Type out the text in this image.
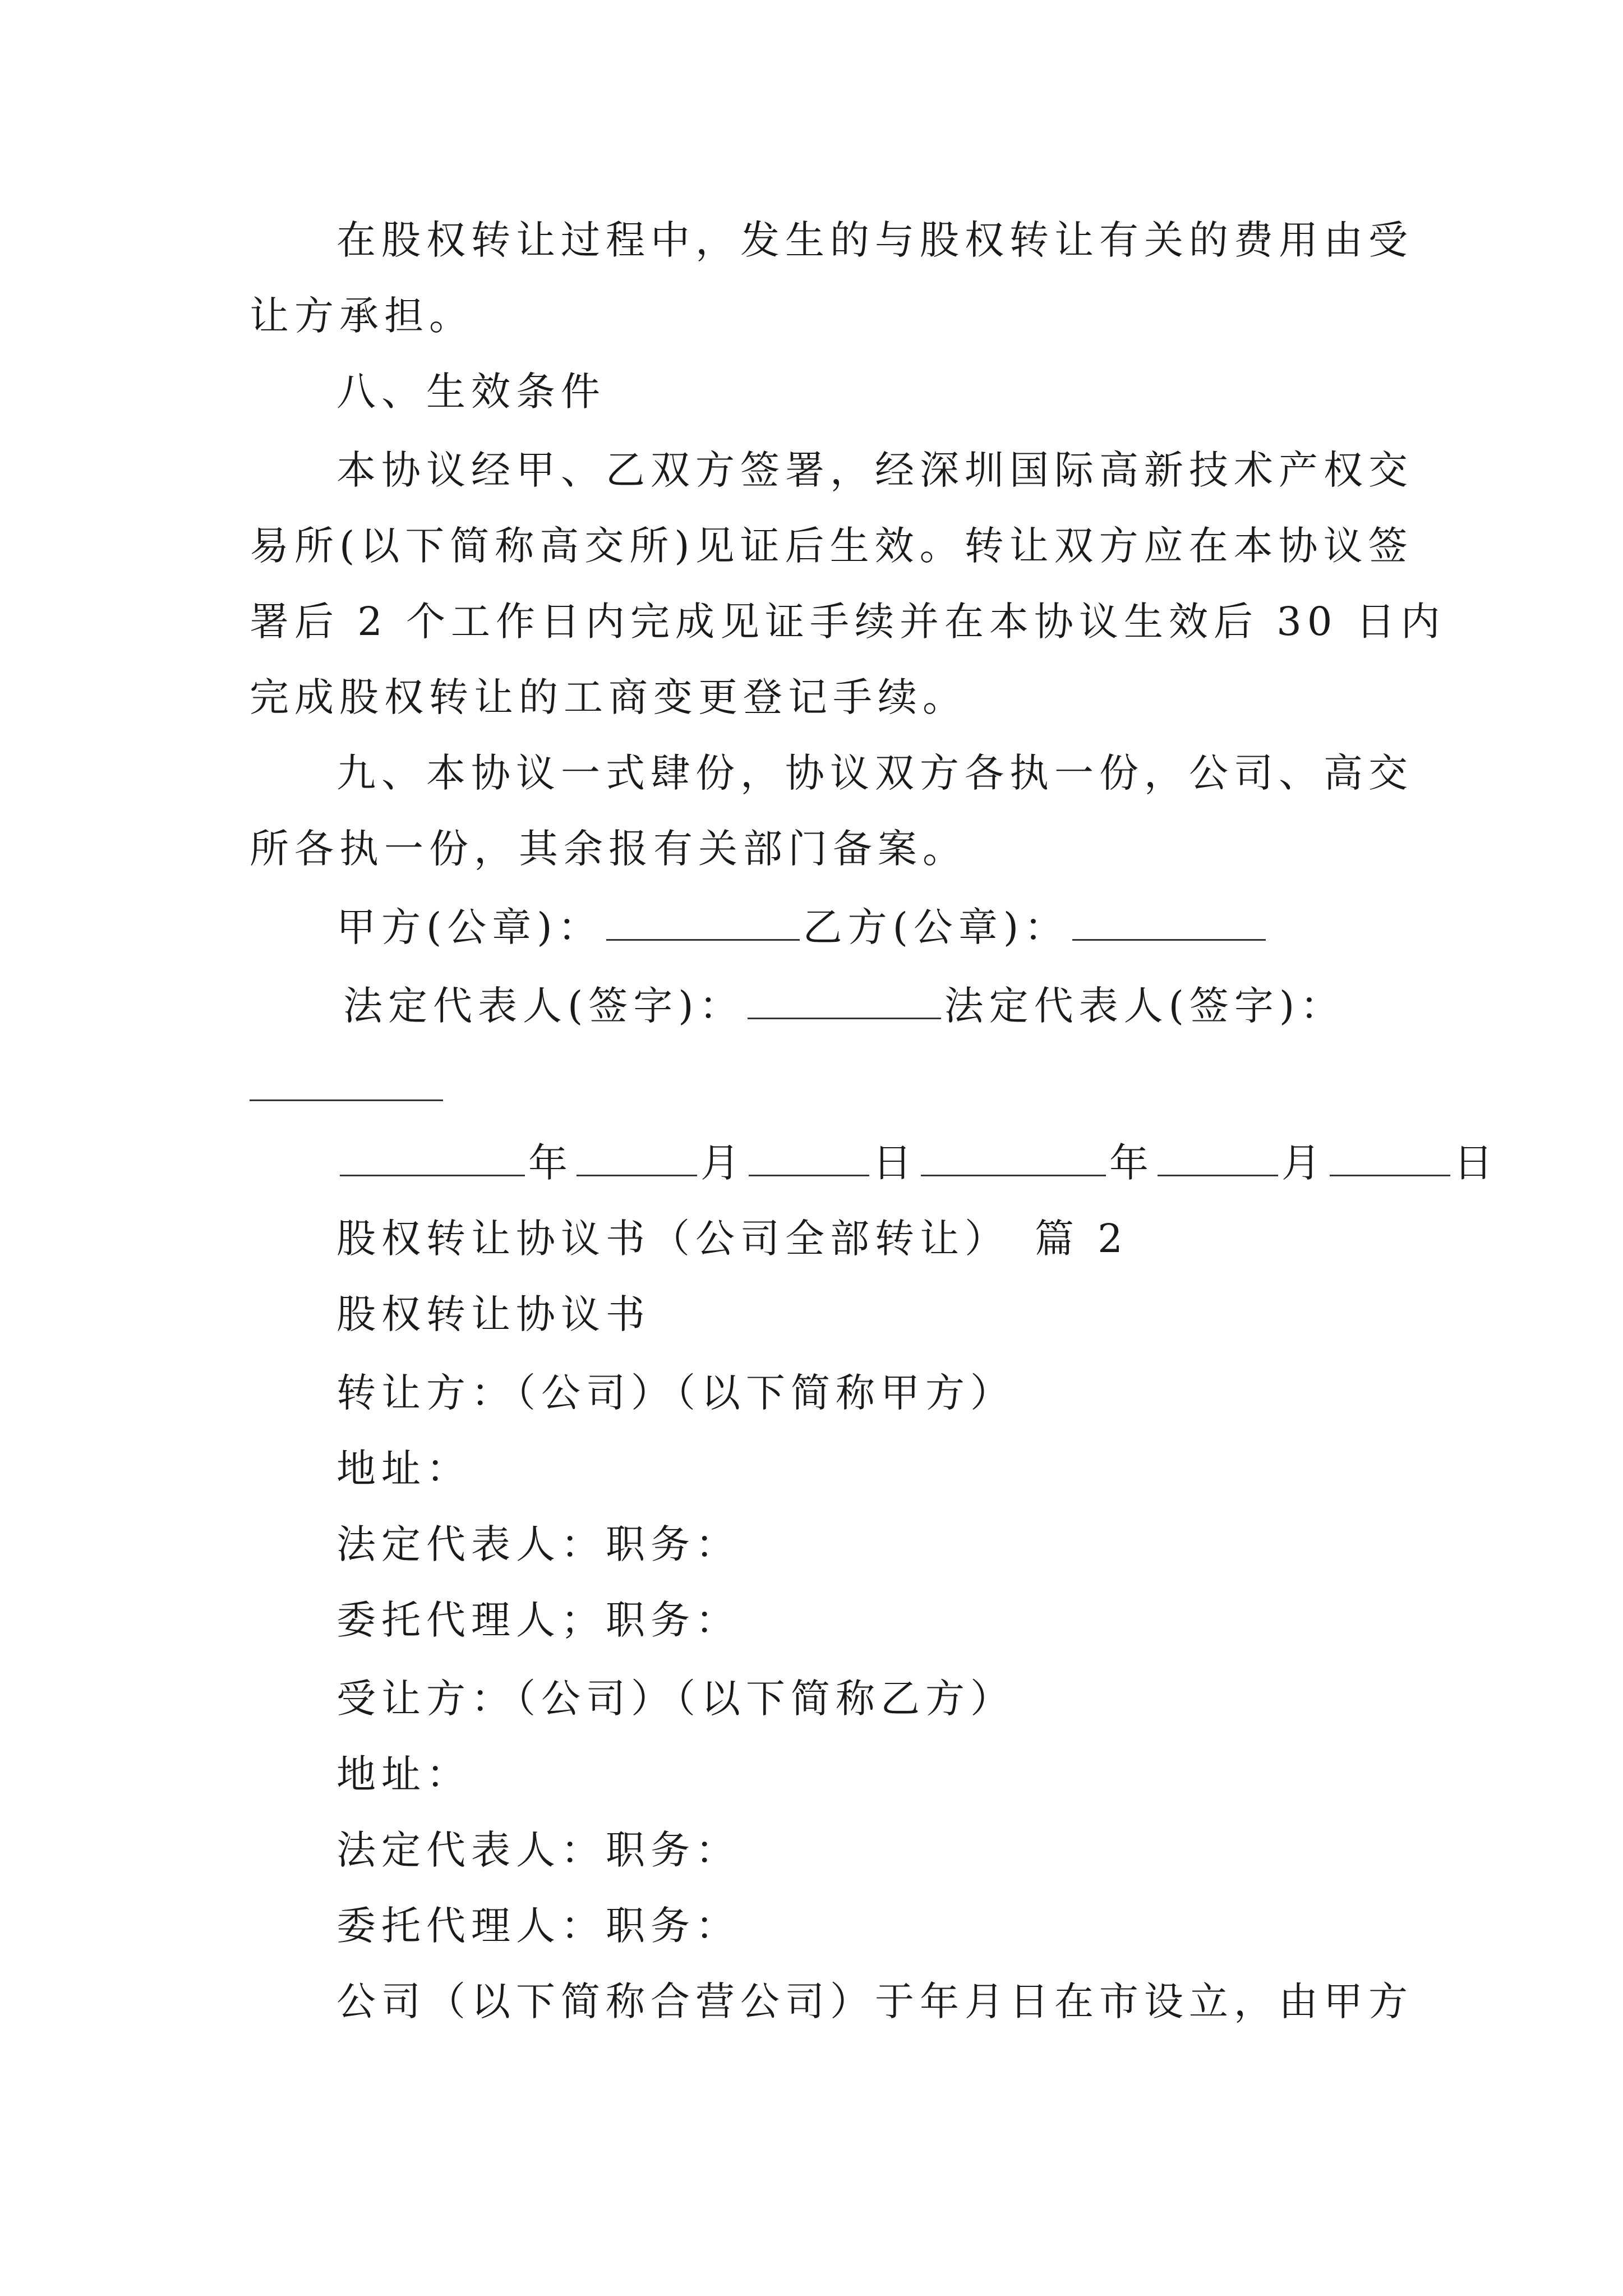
在股权转让过程中，发生的与股权转让有关的费用由受
让方承担。
八、生效条件
本协议经甲、乙双方签署，经深圳国际高新技术产权交
易所(以下简称高交所)见证后生效。转让双方应在本协议签
署后 2 个工作日内完成见证手续并在本协议生效后 30 日内
完成股权转让的工商变更登记手续。
九、本协议一式肆份，协议双方各执一份，公司、高交
所各执一份，其余报有关部门备案。
甲方(公章)：	乙方(公章)：
法定代表人(签字)：	法定代表人(签字)：
年	月	日	年	月	日
股权转让协议书（公司全部转让）　篇 2
股权转让协议书
转让方：（公司）（以下简称甲方）
地址：
法定代表人：职务：
委托代理人；职务：
受让方：（公司）（以下简称乙方）
地址：
法定代表人：职务：
委托代理人：职务：
公司（以下简称合营公司）于年月日在市设立，由甲方
